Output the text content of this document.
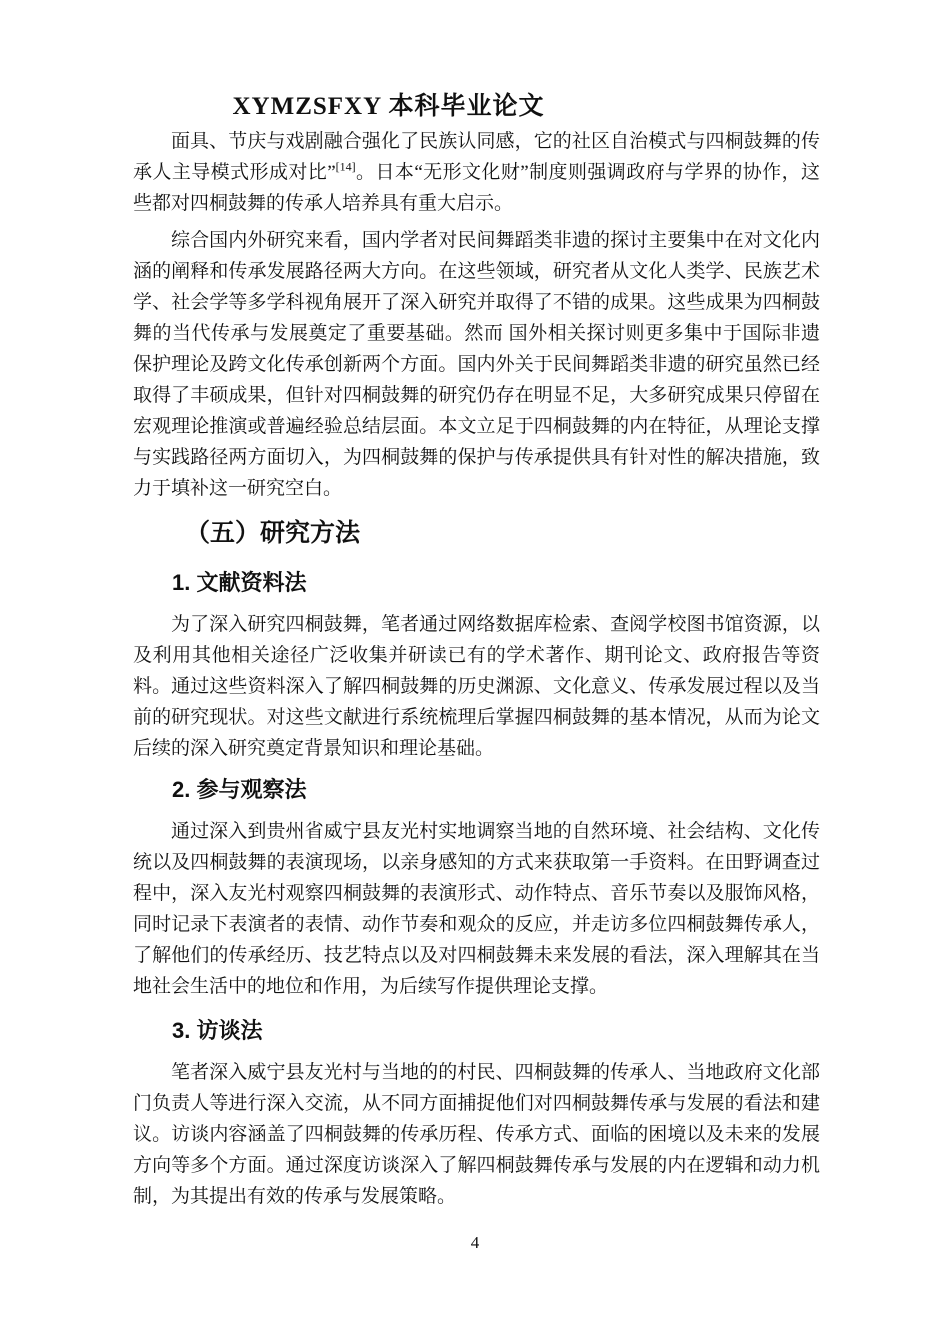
XYMZSFXY 本科毕业论文

面具、节庆与戏剧融合强化了民族认同感，它的社区自治模式与四桐鼓舞的传承人主导模式形成对比”[14]。日本“无形文化财”制度则强调政府与学界的协作，这些都对四桐鼓舞的传承人培养具有重大启示。

综合国内外研究来看，国内学者对民间舞蹈类非遗的探讨主要集中在对文化内涵的阐释和传承发展路径两大方向。在这些领域，研究者从文化人类学、民族艺术学、社会学等多学科视角展开了深入研究并取得了不错的成果。这些成果为四桐鼓舞的当代传承与发展奠定了重要基础。然而 国外相关探讨则更多集中于国际非遗保护理论及跨文化传承创新两个方面。国内外关于民间舞蹈类非遗的研究虽然已经取得了丰硕成果，但针对四桐鼓舞的研究仍存在明显不足，大多研究成果只停留在宏观理论推演或普遍经验总结层面。本文立足于四桐鼓舞的内在特征，从理论支撑与实践路径两方面切入，为四桐鼓舞的保护与传承提供具有针对性的解决措施，致力于填补这一研究空白。

（五）研究方法
1. 文献资料法

为了深入研究四桐鼓舞，笔者通过网络数据库检索、查阅学校图书馆资源，以及利用其他相关途径广泛收集并研读已有的学术著作、期刊论文、政府报告等资料。通过这些资料深入了解四桐鼓舞的历史渊源、文化意义、传承发展过程以及当前的研究现状。对这些文献进行系统梳理后掌握四桐鼓舞的基本情况，从而为论文后续的深入研究奠定背景知识和理论基础。

2. 参与观察法

通过深入到贵州省威宁县友光村实地调察当地的自然环境、社会结构、文化传统以及四桐鼓舞的表演现场，以亲身感知的方式来获取第一手资料。在田野调查过程中，深入友光村观察四桐鼓舞的表演形式、动作特点、音乐节奏以及服饰风格，同时记录下表演者的表情、动作节奏和观众的反应，并走访多位四桐鼓舞传承人，了解他们的传承经历、技艺特点以及对四桐鼓舞未来发展的看法，深入理解其在当地社会生活中的地位和作用，为后续写作提供理论支撑。

3. 访谈法

笔者深入威宁县友光村与当地的的村民、四桐鼓舞的传承人、当地政府文化部门负责人等进行深入交流，从不同方面捕捉他们对四桐鼓舞传承与发展的看法和建议。访谈内容涵盖了四桐鼓舞的传承历程、传承方式、面临的困境以及未来的发展方向等多个方面。通过深度访谈深入了解四桐鼓舞传承与发展的内在逻辑和动力机制，为其提出有效的传承与发展策略。

4
